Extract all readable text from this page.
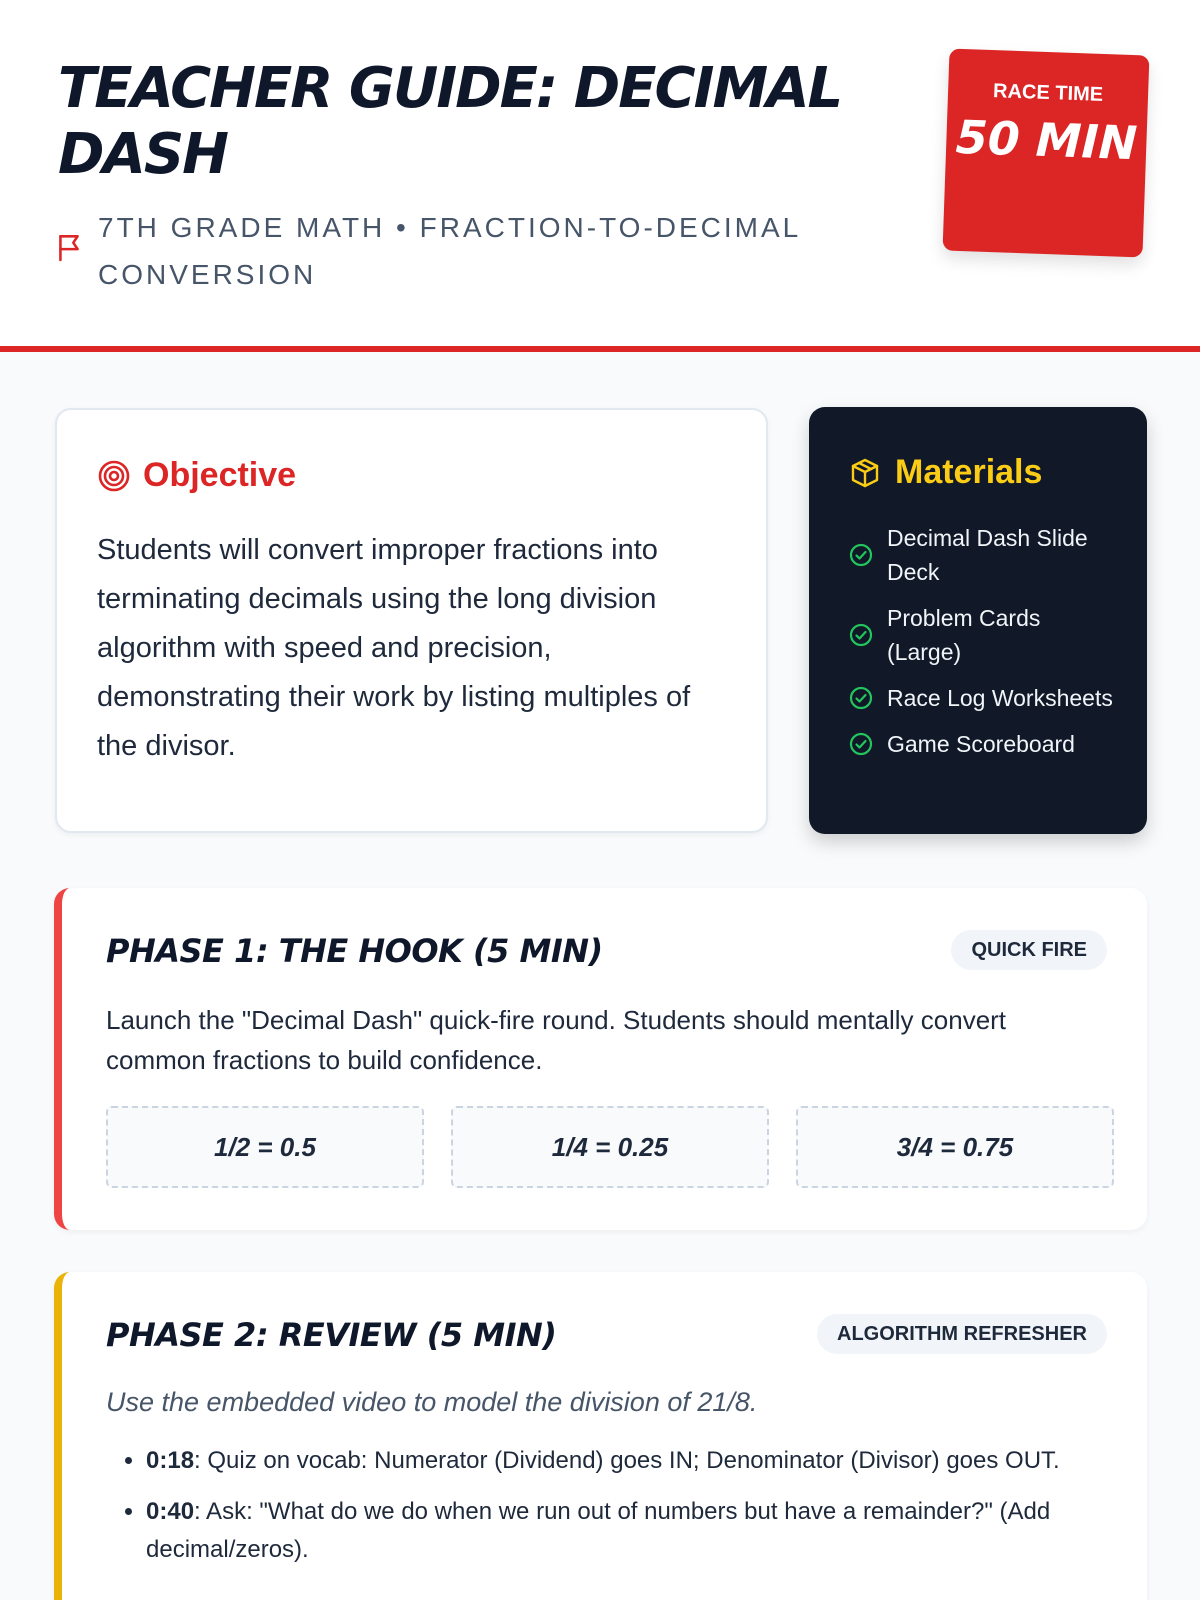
TEACHER GUIDE: DECIMAL DASH
7TH GRADE MATH • FRACTION-TO-DECIMAL CONVERSION
RACE TIME
50 MIN
Objective

Students will convert improper fractions into terminating decimals using the long division algorithm with speed and precision, demonstrating their work by listing multiples of the divisor.

Materials
Decimal Dash Slide Deck
Problem Cards (Large)
Race Log Worksheets
Game Scoreboard
PHASE 1: THE HOOK (5 MIN)	QUICK FIRE

Launch the "Decimal Dash" quick-fire round. Students should mentally convert common fractions to build confidence.

1/2 = 0.5	1/4 = 0.25	3/4 = 0.75
PHASE 2: REVIEW (5 MIN)	ALGORITHM REFRESHER

Use the embedded video to model the division of 21/8.

• 0:18: Quiz on vocab: Numerator (Dividend) goes IN; Denominator (Divisor) goes OUT.
• 0:40: Ask: "What do we do when we run out of numbers but have a remainder?" (Add decimal/zeros).
